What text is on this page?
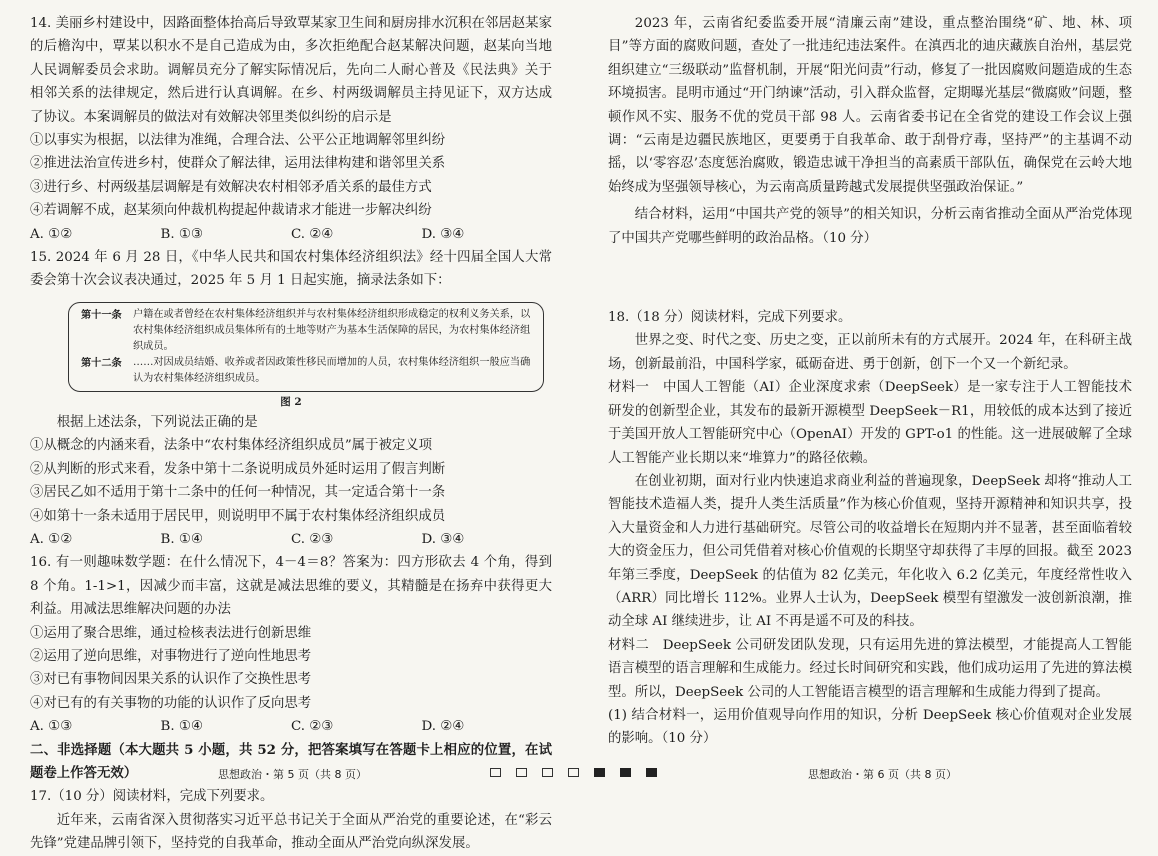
14. 美丽乡村建设中，因路面整体抬高后导致覃某家卫生间和厨房排水沉积在邻居赵某家的后檐沟中，覃某以积水不是自己造成为由，多次拒绝配合赵某解决问题，赵某向当地人民调解委员会求助。调解员充分了解实际情况后，先向二人耐心普及《民法典》关于相邻关系的法律规定，然后进行认真调解。在乡、村两级调解员主持见证下，双方达成了协议。本案调解员的做法对有效解决邻里类似纠纷的启示是

①以事实为根据，以法律为准绳，合理合法、公平公正地调解邻里纠纷

②推进法治宣传进乡村，使群众了解法律，运用法律构建和谐邻里关系

③进行乡、村两级基层调解是有效解决农村相邻矛盾关系的最佳方式

④若调解不成，赵某须向仲裁机构提起仲裁请求才能进一步解决纠纷

A. ①②	B. ①③	C. ②④	D. ③④

15. 2024 年 6 月 28 日，《中华人民共和国农村集体经济组织法》经十四届全国人大常委会第十次会议表决通过，2025 年 5 月 1 日起实施，摘录法条如下：

第十一条	户籍在或者曾经在农村集体经济组织并与农村集体经济组织形成稳定的权利义务关系，以农村集体经济组织成员集体所有的土地等财产为基本生活保障的居民，为农村集体经济组织成员。
第十二条	……对因成员结婚、收养或者因政策性移民而增加的人员，农村集体经济组织一般应当确认为农村集体经济组织成员。
图 2

根据上述法条，下列说法正确的是

①从概念的内涵来看，法条中“农村集体经济组织成员”属于被定义项

②从判断的形式来看，发条中第十二条说明成员外延时运用了假言判断

③居民乙如不适用于第十二条中的任何一种情况，其一定适合第十一条

④如第十一条未适用于居民甲，则说明甲不属于农村集体经济组织成员

A. ①②	B. ①④	C. ②③	D. ③④

16. 有一则趣味数学题：在什么情况下，4－4＝8？答案为：四方形砍去 4 个角，得到 8 个角。1-1>1，因减少而丰富，这就是减法思维的要义，其精髓是在扬弃中获得更大利益。用减法思维解决问题的办法

①运用了聚合思维，通过检核表法进行创新思维

②运用了逆向思维，对事物进行了逆向性地思考

③对已有事物间因果关系的认识作了交换性思考

④对已有的有关事物的功能的认识作了反向思考

A. ①③	B. ①④	C. ②③	D. ②④

二、非选择题（本大题共 5 小题，共 52 分，把答案填写在答题卡上相应的位置，在试题卷上作答无效）

17.（10 分）阅读材料，完成下列要求。

近年来，云南省深入贯彻落实习近平总书记关于全面从严治党的重要论述，在“彩云先锋”党建品牌引领下，坚持党的自我革命，推动全面从严治党向纵深发展。

2023 年，云南省纪委监委开展“清廉云南”建设，重点整治围绕“矿、地、林、项目”等方面的腐败问题，查处了一批违纪违法案件。在滇西北的迪庆藏族自治州，基层党组织建立“三级联动”监督机制，开展“阳光问责”行动，修复了一批因腐败问题造成的生态环境损害。昆明市通过“开门纳谏”活动，引入群众监督，定期曝光基层“微腐败”问题，整顿作风不实、服务不优的党员干部 98 人。云南省委书记在全省党的建设工作会议上强调：“云南是边疆民族地区，更要勇于自我革命、敢于刮骨疗毒，坚持严”的主基调不动摇，以‘零容忍’态度惩治腐败，锻造忠诚干净担当的高素质干部队伍，确保党在云岭大地始终成为坚强领导核心，为云南高质量跨越式发展提供坚强政治保证。”

结合材料，运用“中国共产党的领导”的相关知识，分析云南省推动全面从严治党体现了中国共产党哪些鲜明的政治品格。（10 分）

18.（18 分）阅读材料，完成下列要求。

世界之变、时代之变、历史之变，正以前所未有的方式展开。2024 年，在科研主战场，创新最前沿，中国科学家，砥砺奋进、勇于创新，创下一个又一个新纪录。

材料一　中国人工智能（AI）企业深度求索（DeepSeek）是一家专注于人工智能技术研发的创新型企业，其发布的最新开源模型 DeepSeek－R1，用较低的成本达到了接近于美国开放人工智能研究中心（OpenAI）开发的 GPT-o1 的性能。这一进展破解了全球人工智能产业长期以来“堆算力”的路径依赖。

在创业初期，面对行业内快速追求商业利益的普遍现象，DeepSeek 却将“推动人工智能技术造福人类，提升人类生活质量”作为核心价值观，坚持开源精神和知识共享，投入大量资金和人力进行基础研究。尽管公司的收益增长在短期内并不显著，甚至面临着较大的资金压力，但公司凭借着对核心价值观的长期坚守却获得了丰厚的回报。截至 2023 年第三季度，DeepSeek 的估值为 82 亿美元，年化收入 6.2 亿美元，年度经常性收入（ARR）同比增长 112%。业界人士认为，DeepSeek 模型有望激发一波创新浪潮，推动全球 AI 继续进步，让 AI 不再是遥不可及的科技。

材料二　DeepSeek 公司研发团队发现，只有运用先进的算法模型，才能提高人工智能语言模型的语言理解和生成能力。经过长时间研究和实践，他们成功运用了先进的算法模型。所以，DeepSeek 公司的人工智能语言模型的语言理解和生成能力得到了提高。

(1) 结合材料一，运用价值观导向作用的知识，分析 DeepSeek 核心价值观对企业发展的影响。（10 分）

思想政治・第 5 页（共 8 页）	思想政治・第 6 页（共 8 页）
